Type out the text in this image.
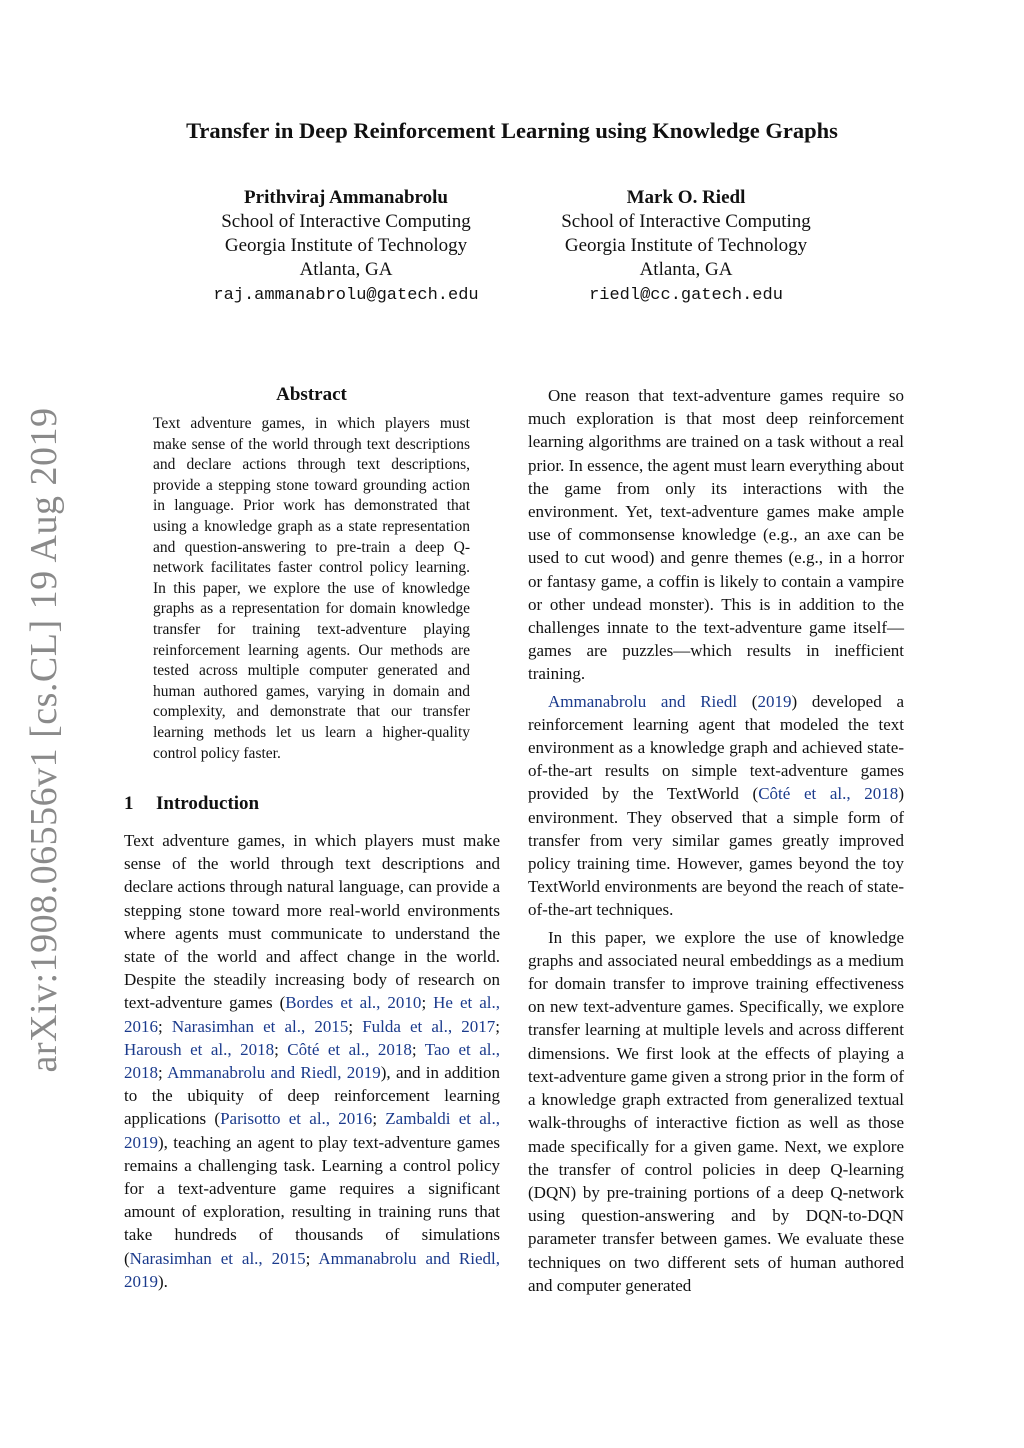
arXiv:1908.06556v1 [cs.CL] 19 Aug 2019
Transfer in Deep Reinforcement Learning using Knowledge Graphs
Prithviraj Ammanabrolu
School of Interactive Computing
Georgia Institute of Technology
Atlanta, GA
raj.ammanabrolu@gatech.edu
Mark O. Riedl
School of Interactive Computing
Georgia Institute of Technology
Atlanta, GA
riedl@cc.gatech.edu
Abstract

Text adventure games, in which players must make sense of the world through text descriptions and declare actions through text descriptions, provide a stepping stone toward grounding action in language. Prior work has demonstrated that using a knowledge graph as a state representation and question-answering to pre-train a deep Q-network facilitates faster control policy learning. In this paper, we explore the use of knowledge graphs as a representation for domain knowledge transfer for training text-adventure playing reinforcement learning agents. Our methods are tested across multiple computer generated and human authored games, varying in domain and complexity, and demonstrate that our transfer learning methods let us learn a higher-quality control policy faster.

1 Introduction

Text adventure games, in which players must make sense of the world through text descriptions and declare actions through natural language, can provide a stepping stone toward more real-world environments where agents must communicate to understand the state of the world and affect change in the world. Despite the steadily increasing body of research on text-adventure games (Bordes et al., 2010; He et al., 2016; Narasimhan et al., 2015; Fulda et al., 2017; Haroush et al., 2018; Côté et al., 2018; Tao et al., 2018; Ammanabrolu and Riedl, 2019), and in addition to the ubiquity of deep reinforcement learning applications (Parisotto et al., 2016; Zambaldi et al., 2019), teaching an agent to play text-adventure games remains a challenging task. Learning a control policy for a text-adventure game requires a significant amount of exploration, resulting in training runs that take hundreds of thousands of simulations (Narasimhan et al., 2015; Ammanabrolu and Riedl, 2019).

One reason that text-adventure games require so much exploration is that most deep reinforcement learning algorithms are trained on a task without a real prior. In essence, the agent must learn everything about the game from only its interactions with the environment. Yet, text-adventure games make ample use of commonsense knowledge (e.g., an axe can be used to cut wood) and genre themes (e.g., in a horror or fantasy game, a coffin is likely to contain a vampire or other undead monster). This is in addition to the challenges innate to the text-adventure game itself—games are puzzles—which results in inefficient training.

Ammanabrolu and Riedl (2019) developed a reinforcement learning agent that modeled the text environment as a knowledge graph and achieved state-of-the-art results on simple text-adventure games provided by the TextWorld (Côté et al., 2018) environment. They observed that a simple form of transfer from very similar games greatly improved policy training time. However, games beyond the toy TextWorld environments are beyond the reach of state-of-the-art techniques.

In this paper, we explore the use of knowledge graphs and associated neural embeddings as a medium for domain transfer to improve training effectiveness on new text-adventure games. Specifically, we explore transfer learning at multiple levels and across different dimensions. We first look at the effects of playing a text-adventure game given a strong prior in the form of a knowledge graph extracted from generalized textual walk-throughs of interactive fiction as well as those made specifically for a given game. Next, we explore the transfer of control policies in deep Q-learning (DQN) by pre-training portions of a deep Q-network using question-answering and by DQN-to-DQN parameter transfer between games. We evaluate these techniques on two different sets of human authored and computer generated
